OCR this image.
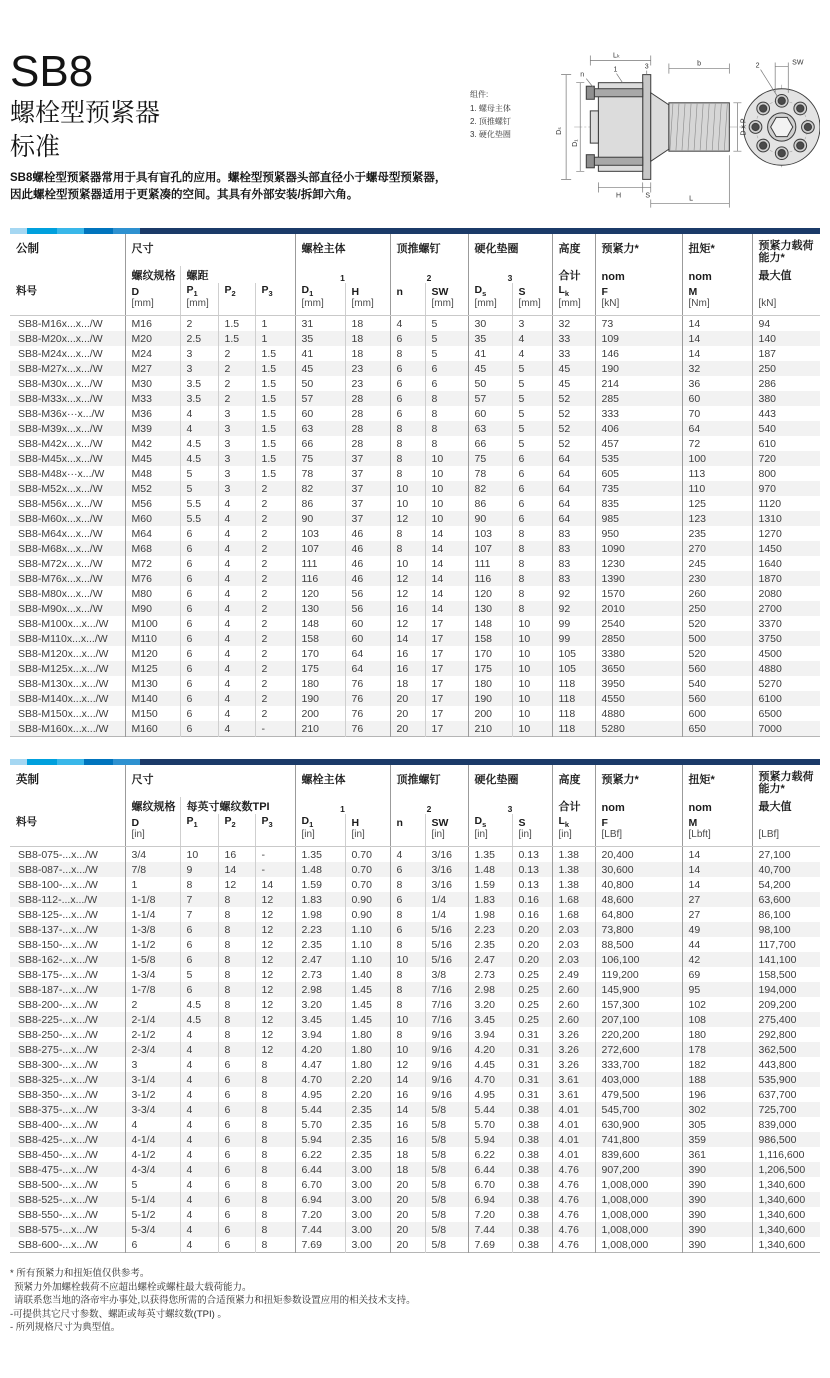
SB8
螺栓型预紧器
标准

SB8螺栓型预紧器常用于具有盲孔的应用。螺栓型预紧器头部直径小于螺母型预紧器，
因此螺栓型预紧器适用于更紧凑的空间。其具有外部安装/拆卸六角。

组件:
1. 螺母主体
2. 顶推螺钉
3. 硬化垫圈
Lₖ
b
H	S	L
Dₛ
D₁
D x P
n
1	3	2	SW
公制	尺寸				螺栓主体		顶推螺钉		硬化垫圈		高度	预紧力*	扭矩*	预紧力载荷能力*
	螺纹规格	螺距			1		2		3		合计	nom	nom	最大值
料号	D	$P_1$	$P_2$	$P_3$	$D_1$	H	n	SW	$D_s$	S	$L_k$	F	M	
	[mm]	[mm]			[mm]	[mm]		[mm]	[mm]	[mm]	[mm]	[kN]	[Nm]	[kN]
SB8-M16x...x.../W	M16	2	1.5	1	31	18	4	5	30	3	32	73	14	94
SB8-M20x...x.../W	M20	2.5	1.5	1	35	18	6	5	35	4	33	109	14	140
SB8-M24x...x.../W	M24	3	2	1.5	41	18	8	5	41	4	33	146	14	187
SB8-M27x...x.../W	M27	3	2	1.5	45	23	6	6	45	5	45	190	32	250
SB8-M30x...x.../W	M30	3.5	2	1.5	50	23	6	6	50	5	45	214	36	286
SB8-M33x...x.../W	M33	3.5	2	1.5	57	28	6	8	57	5	52	285	60	380
SB8-M36x···x.../W	M36	4	3	1.5	60	28	6	8	60	5	52	333	70	443
SB8-M39x...x.../W	M39	4	3	1.5	63	28	8	8	63	5	52	406	64	540
SB8-M42x...x.../W	M42	4.5	3	1.5	66	28	8	8	66	5	52	457	72	610
SB8-M45x...x.../W	M45	4.5	3	1.5	75	37	8	10	75	6	64	535	100	720
SB8-M48x···x.../W	M48	5	3	1.5	78	37	8	10	78	6	64	605	113	800
SB8-M52x...x.../W	M52	5	3	2	82	37	10	10	82	6	64	735	110	970
SB8-M56x...x.../W	M56	5.5	4	2	86	37	10	10	86	6	64	835	125	1120
SB8-M60x...x.../W	M60	5.5	4	2	90	37	12	10	90	6	64	985	123	1310
SB8-M64x...x.../W	M64	6	4	2	103	46	8	14	103	8	83	950	235	1270
SB8-M68x...x.../W	M68	6	4	2	107	46	8	14	107	8	83	1090	270	1450
SB8-M72x...x.../W	M72	6	4	2	111	46	10	14	111	8	83	1230	245	1640
SB8-M76x...x.../W	M76	6	4	2	116	46	12	14	116	8	83	1390	230	1870
SB8-M80x...x.../W	M80	6	4	2	120	56	12	14	120	8	92	1570	260	2080
SB8-M90x...x.../W	M90	6	4	2	130	56	16	14	130	8	92	2010	250	2700
SB8-M100x...x.../W	M100	6	4	2	148	60	12	17	148	10	99	2540	520	3370
SB8-M110x...x.../W	M110	6	4	2	158	60	14	17	158	10	99	2850	500	3750
SB8-M120x...x.../W	M120	6	4	2	170	64	16	17	170	10	105	3380	520	4500
SB8-M125x...x.../W	M125	6	4	2	175	64	16	17	175	10	105	3650	560	4880
SB8-M130x...x.../W	M130	6	4	2	180	76	18	17	180	10	118	3950	540	5270
SB8-M140x...x.../W	M140	6	4	2	190	76	20	17	190	10	118	4550	560	6100
SB8-M150x...x.../W	M150	6	4	2	200	76	20	17	200	10	118	4880	600	6500
SB8-M160x...x.../W	M160	6	4	-	210	76	20	17	210	10	118	5280	650	7000
英制	尺寸				螺栓主体		顶推螺钉		硬化垫圈		高度	预紧力*	扭矩*	预紧力载荷能力*
	螺纹规格	每英寸螺纹数TPI			1		2		3		合计	nom	nom	最大值
料号	D	$P_1$	$P_2$	$P_3$	$D_1$	H	n	SW	$D_s$	S	$L_k$	F	M	
	[in]				[in]	[in]		[in]	[in]	[in]	[in]	[LBf]	[Lbft]	[LBf]
SB8-075-...x.../W	3/4	10	16	-	1.35	0.70	4	3/16	1.35	0.13	1.38	20,400	14	27,100
SB8-087-...x.../W	7/8	9	14	-	1.48	0.70	6	3/16	1.48	0.13	1.38	30,600	14	40,700
SB8-100-...x.../W	1	8	12	14	1.59	0.70	8	3/16	1.59	0.13	1.38	40,800	14	54,200
SB8-112-...x.../W	1-1/8	7	8	12	1.83	0.90	6	1/4	1.83	0.16	1.68	48,600	27	63,600
SB8-125-...x.../W	1-1/4	7	8	12	1.98	0.90	8	1/4	1.98	0.16	1.68	64,800	27	86,100
SB8-137-...x.../W	1-3/8	6	8	12	2.23	1.10	6	5/16	2.23	0.20	2.03	73,800	49	98,100
SB8-150-...x.../W	1-1/2	6	8	12	2.35	1.10	8	5/16	2.35	0.20	2.03	88,500	44	117,700
SB8-162-...x.../W	1-5/8	6	8	12	2.47	1.10	10	5/16	2.47	0.20	2.03	106,100	42	141,100
SB8-175-...x.../W	1-3/4	5	8	12	2.73	1.40	8	3/8	2.73	0.25	2.49	119,200	69	158,500
SB8-187-...x.../W	1-7/8	6	8	12	2.98	1.45	8	7/16	2.98	0.25	2.60	145,900	95	194,000
SB8-200-...x.../W	2	4.5	8	12	3.20	1.45	8	7/16	3.20	0.25	2.60	157,300	102	209,200
SB8-225-...x.../W	2-1/4	4.5	8	12	3.45	1.45	10	7/16	3.45	0.25	2.60	207,100	108	275,400
SB8-250-...x.../W	2-1/2	4	8	12	3.94	1.80	8	9/16	3.94	0.31	3.26	220,200	180	292,800
SB8-275-...x.../W	2-3/4	4	8	12	4.20	1.80	10	9/16	4.20	0.31	3.26	272,600	178	362,500
SB8-300-...x.../W	3	4	6	8	4.47	1.80	12	9/16	4.45	0.31	3.26	333,700	182	443,800
SB8-325-...x.../W	3-1/4	4	6	8	4.70	2.20	14	9/16	4.70	0.31	3.61	403,000	188	535,900
SB8-350-...x.../W	3-1/2	4	6	8	4.95	2.20	16	9/16	4.95	0.31	3.61	479,500	196	637,700
SB8-375-...x.../W	3-3/4	4	6	8	5.44	2.35	14	5/8	5.44	0.38	4.01	545,700	302	725,700
SB8-400-...x.../W	4	4	6	8	5.70	2.35	16	5/8	5.70	0.38	4.01	630,900	305	839,000
SB8-425-...x.../W	4-1/4	4	6	8	5.94	2.35	16	5/8	5.94	0.38	4.01	741,800	359	986,500
SB8-450-...x.../W	4-1/2	4	6	8	6.22	2.35	18	5/8	6.22	0.38	4.01	839,600	361	1,116,600
SB8-475-...x.../W	4-3/4	4	6	8	6.44	3.00	18	5/8	6.44	0.38	4.76	907,200	390	1,206,500
SB8-500-...x.../W	5	4	6	8	6.70	3.00	20	5/8	6.70	0.38	4.76	1,008,000	390	1,340,600
SB8-525-...x.../W	5-1/4	4	6	8	6.94	3.00	20	5/8	6.94	0.38	4.76	1,008,000	390	1,340,600
SB8-550-...x.../W	5-1/2	4	6	8	7.20	3.00	20	5/8	7.20	0.38	4.76	1,008,000	390	1,340,600
SB8-575-...x.../W	5-3/4	4	6	8	7.44	3.00	20	5/8	7.44	0.38	4.76	1,008,000	390	1,340,600
SB8-600-...x.../W	6	4	6	8	7.69	3.00	20	5/8	7.69	0.38	4.76	1,008,000	390	1,340,600
* 所有预紧力和扭矩值仅供参考。
预紧力外加螺栓载荷不应超出螺栓或螺柱最大载荷能力。
请联系您当地的洛帝牢办事处,以获得您所需的合适预紧力和扭矩参数设置应用的相关技术支持。
-可提供其它尺寸参数、螺距或每英寸螺纹数(TPI) 。
- 所列规格尺寸为典型值。
